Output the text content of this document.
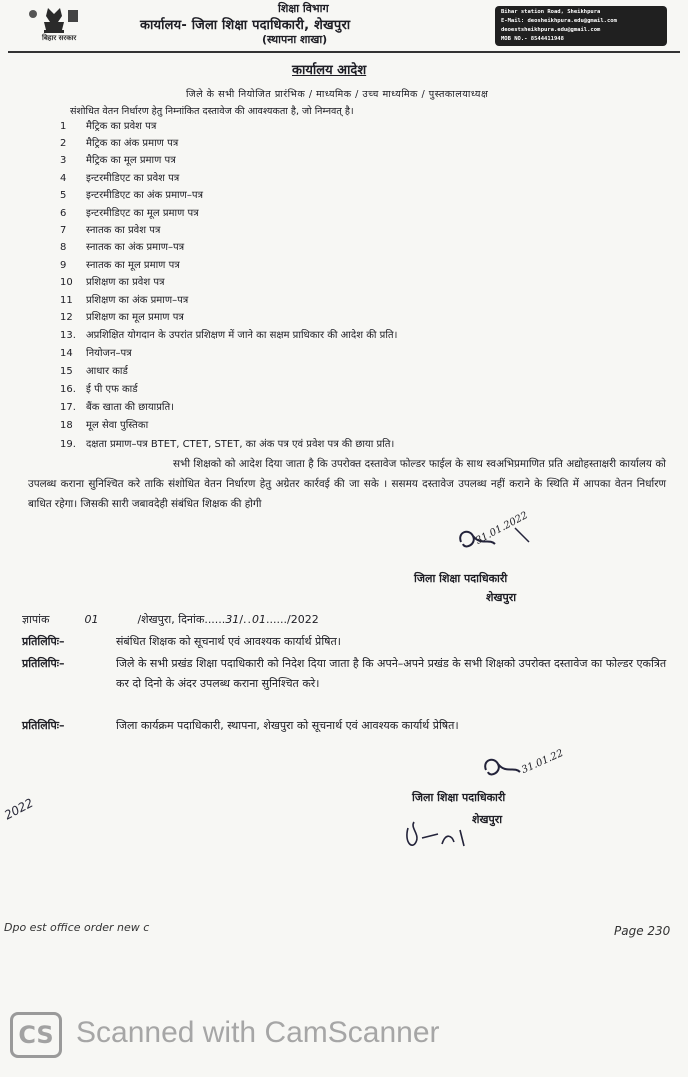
बिहार सरकार
शिक्षा विभाग
कार्यालय- जिला शिक्षा पदाधिकारी, शेखपुरा
(स्थापना शाखा)
Bihar station Road, Sheikhpura
E-Mail: deosheikhpura.edu@gmail.com
deoestsheikhpura.edu@gmail.com
MOB NO.- 8544411948
कार्यालय आदेश
जिले के सभी नियोजित प्रारंभिक / माध्यमिक / उच्च माध्यमिक / पुस्तकालयाध्यक्ष
संशोधित वेतन निर्धारण हेतु निम्नांकित दस्तावेज की आवश्यकता है, जो निम्नवत् है।
1 मैट्रिक का प्रवेश पत्र
2 मैट्रिक का अंक प्रमाण पत्र
3 मैट्रिक का मूल प्रमाण पत्र
4 इन्टरमीडिएट का प्रवेश पत्र
5 इन्टरमीडिएट का अंक प्रमाण–पत्र
6 इन्टरमीडिएट का मूल प्रमाण पत्र
7 स्नातक का प्रवेश पत्र
8 स्नातक का अंक प्रमाण–पत्र
9 स्नातक का मूल प्रमाण पत्र
10 प्रशिक्षण का प्रवेश पत्र
11 प्रशिक्षण का अंक प्रमाण–पत्र
12 प्रशिक्षण का मूल प्रमाण पत्र
13. अप्रशिक्षित योगदान के उपरांत प्रशिक्षण में जाने का सक्षम प्राधिकार की आदेश की प्रति।
14 नियोजन–पत्र
15 आधार कार्ड
16. ई पी एफ कार्ड
17. बैंक खाता की छायाप्रति।
18 मूल सेवा पुस्तिका
19. दक्षता प्रमाण–पत्र BTET, CTET, STET, का अंक पत्र एवं प्रवेश पत्र की छाया प्रति।
सभी शिक्षको को आदेश दिया जाता है कि उपरोक्त दस्तावेज फोल्डर फाईल के साथ स्वअभिप्रमाणित प्रति अद्योहस्ताक्षरी कार्यालय को उपलब्ध कराना सुनिश्चित करे ताकि संशोधित वेतन निर्धारण हेतु अग्रेतर कार्रवई की जा सके । ससमय दस्तावेज उपलब्ध नहीं कराने के स्थिति में आपका वेतन निर्धारण बाधित रहेगा। जिसकी सारी जबावदेही संबंधित शिक्षक की होगी
31.01.2022
जिला शिक्षा पदाधिकारी
शेखपुरा
ज्ञापांक	01	/शेखपुरा, दिनांक......31/..01....../2022
प्रतिलिपिः–	संबंधित शिक्षक को सूचनार्थ एवं आवश्यक कार्यार्थ प्रेषित।
प्रतिलिपिः–	जिले के सभी प्रखंड शिक्षा पदाधिकारी को निदेश दिया जाता है कि अपने–अपने प्रखंड के सभी शिक्षको उपरोक्त दस्तावेज का फोल्डर एकत्रित कर दो दिनो के अंदर उपलब्ध कराना सुनिश्चित करे।
प्रतिलिपिः–	जिला कार्यक्रम पदाधिकारी, स्थापना, शेखपुरा को सूचनार्थ एवं आवश्यक कार्यार्थ प्रेषित।
31.01.22
जिला शिक्षा पदाधिकारी
शेखपुरा
2022
Dpo est office order new c	Page 230
CS Scanned with CamScanner
